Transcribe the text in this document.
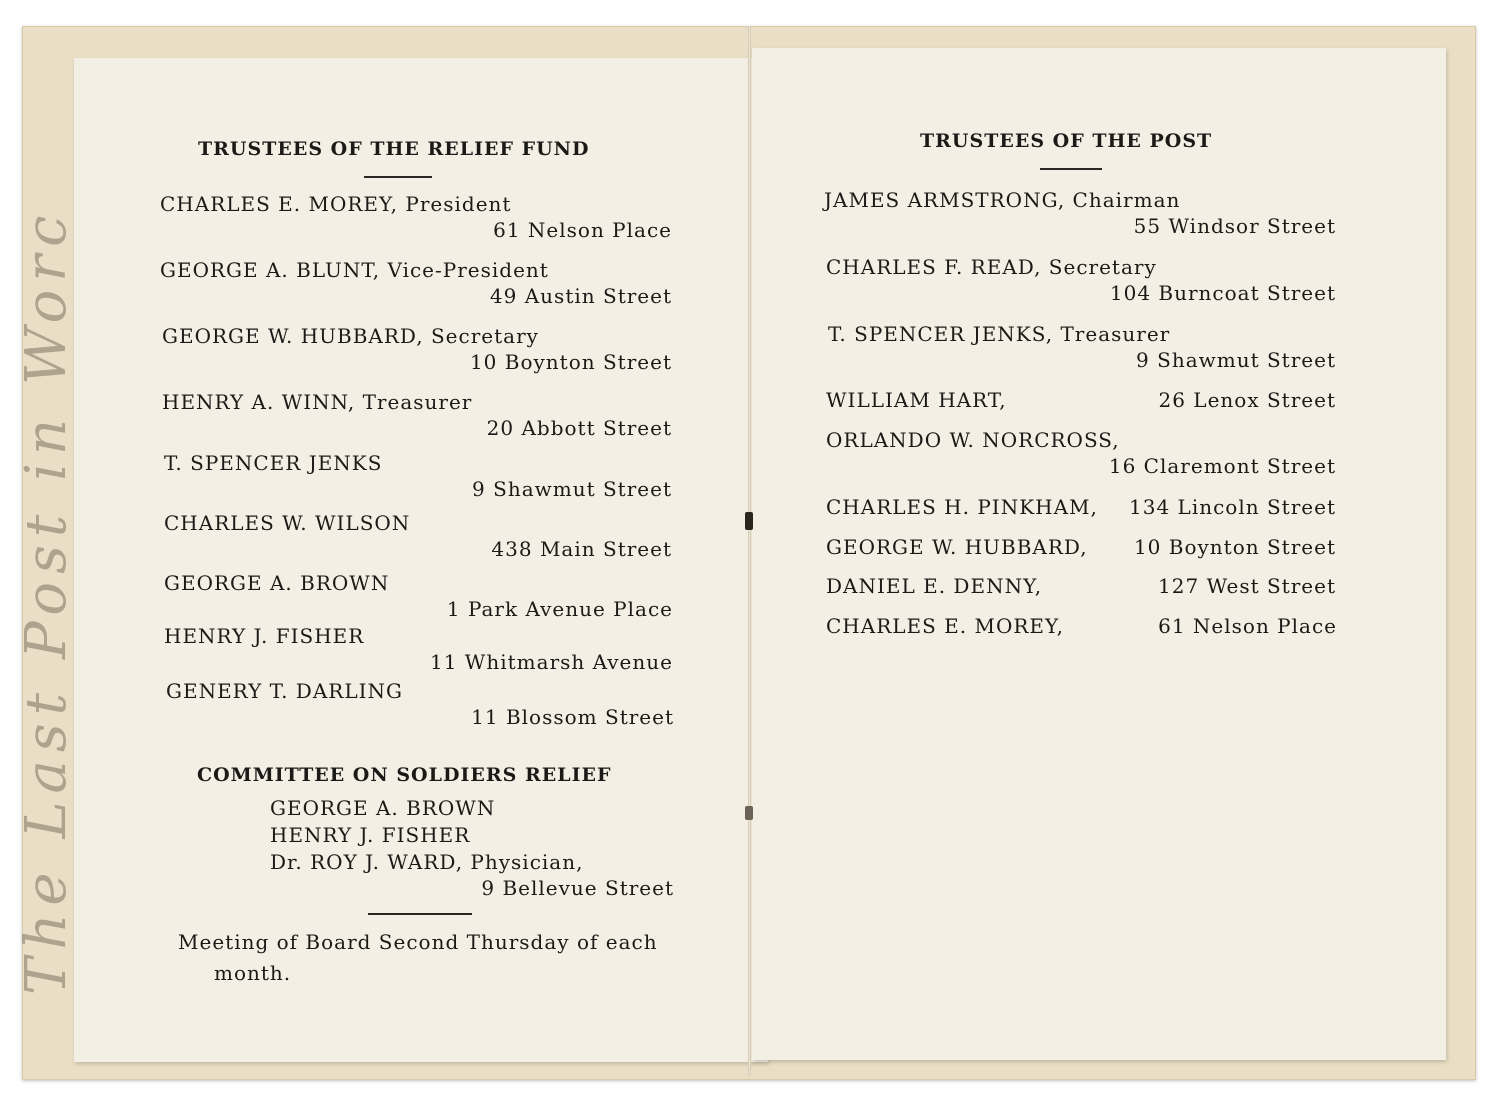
TRUSTEES OF THE RELIEF FUND
CHARLES E. MOREY, President
61 Nelson Place
GEORGE A. BLUNT, Vice-President
49 Austin Street
GEORGE W. HUBBARD, Secretary
10 Boynton Street
HENRY A. WINN, Treasurer
20 Abbott Street
T. SPENCER JENKS
9 Shawmut Street
CHARLES W. WILSON
438 Main Street
GEORGE A. BROWN
1 Park Avenue Place
HENRY J. FISHER
11 Whitmarsh Avenue
GENERY T. DARLING
11 Blossom Street
COMMITTEE ON SOLDIERS RELIEF
GEORGE A. BROWN
HENRY J. FISHER
Dr. ROY J. WARD, Physician,
9 Bellevue Street
Meeting of Board Second Thursday of each
month.
TRUSTEES OF THE POST
JAMES ARMSTRONG, Chairman
55 Windsor Street
CHARLES F. READ, Secretary
104 Burncoat Street
T. SPENCER JENKS, Treasurer
9 Shawmut Street
WILLIAM HART,	26 Lenox Street
ORLANDO W. NORCROSS,
16 Claremont Street
CHARLES H. PINKHAM, 134 Lincoln Street
GEORGE W. HUBBARD, 10 Boynton Street
DANIEL E. DENNY,	127 West Street
CHARLES E. MOREY,	61 Nelson Place
The Last Post in Worc
